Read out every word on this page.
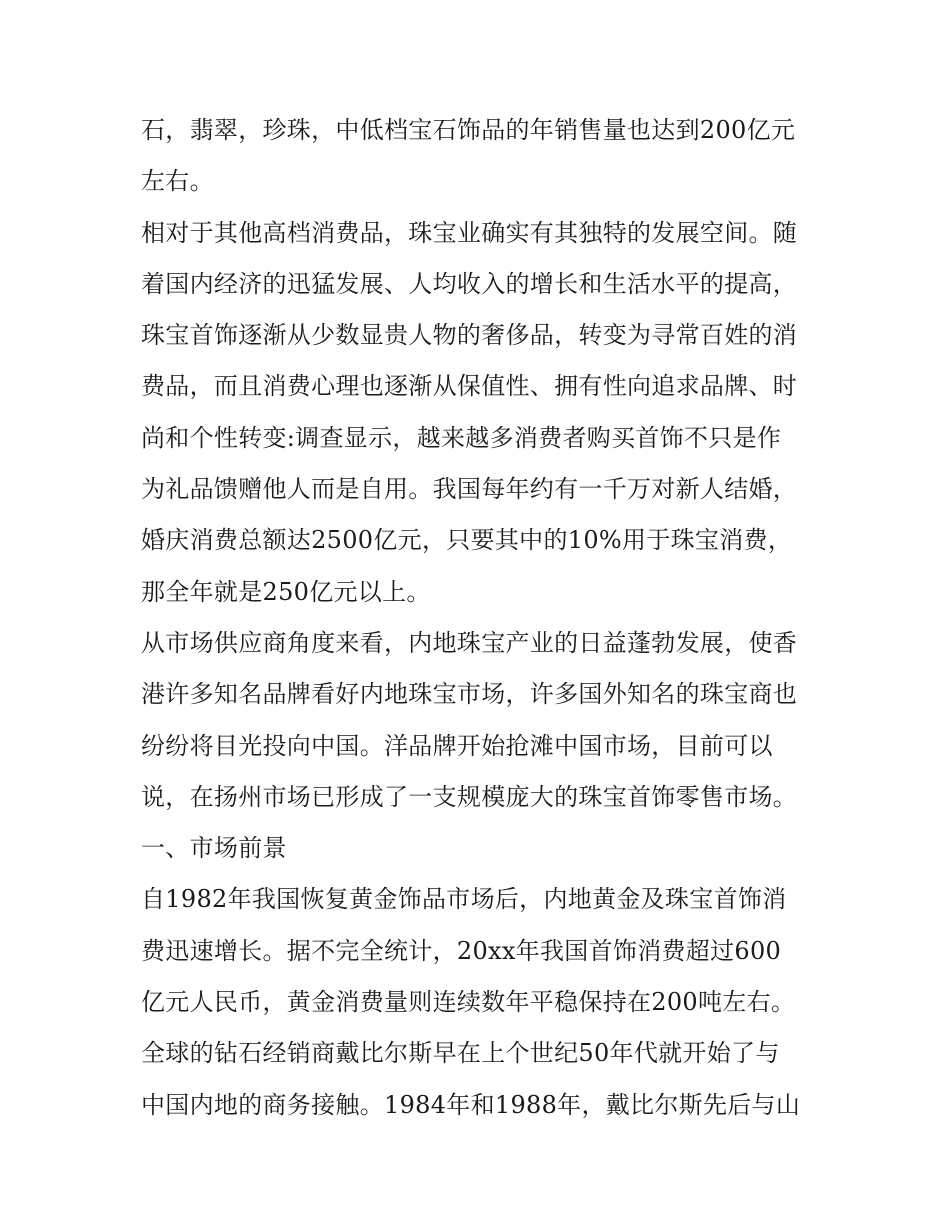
石，翡翠，珍珠，中低档宝石饰品的年销售量也达到200亿元
左右。
相对于其他高档消费品，珠宝业确实有其独特的发展空间。随
着国内经济的迅猛发展、人均收入的增长和生活水平的提高，
珠宝首饰逐渐从少数显贵人物的奢侈品，转变为寻常百姓的消
费品，而且消费心理也逐渐从保值性、拥有性向追求品牌、时
尚和个性转变:调查显示，越来越多消费者购买首饰不只是作
为礼品馈赠他人而是自用。我国每年约有一千万对新人结婚，
婚庆消费总额达2500亿元，只要其中的10%用于珠宝消费，
那全年就是250亿元以上。
从市场供应商角度来看，内地珠宝产业的日益蓬勃发展，使香
港许多知名品牌看好内地珠宝市场，许多国外知名的珠宝商也
纷纷将目光投向中国。洋品牌开始抢滩中国市场，目前可以
说，在扬州市场已形成了一支规模庞大的珠宝首饰零售市场。
一、市场前景
自1982年我国恢复黄金饰品市场后，内地黄金及珠宝首饰消
费迅速增长。据不完全统计，20xx年我国首饰消费超过600
亿元人民币，黄金消费量则连续数年平稳保持在200吨左右。
全球的钻石经销商戴比尔斯早在上个世纪50年代就开始了与
中国内地的商务接触。1984年和1988年，戴比尔斯先后与山
